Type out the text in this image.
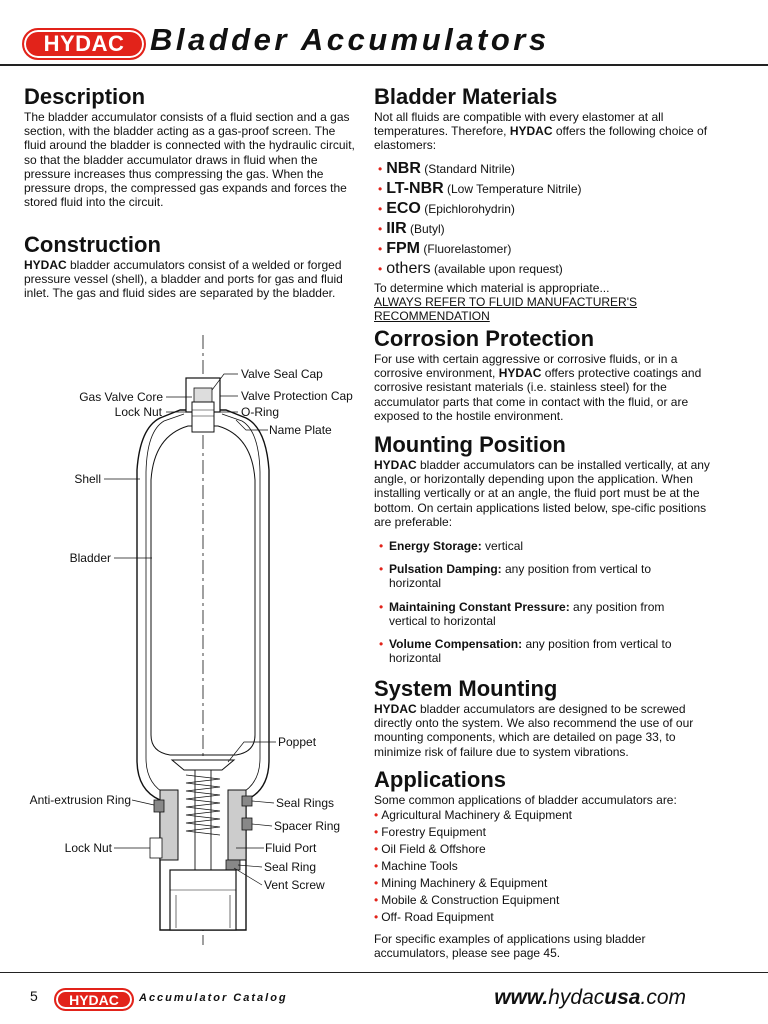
HYDAC Bladder Accumulators
Description

The bladder accumulator consists of a fluid section and a gas section, with the bladder acting as a gas-proof screen. The fluid around the bladder is connected with the hydraulic circuit, so that the bladder accumulator draws in fluid when the pressure increases thus compressing the gas. When the pressure drops, the compressed gas expands and forces the stored fluid into the circuit.

Construction

HYDAC bladder accumulators consist of a welded or forged pressure vessel (shell), a bladder and ports for gas and fluid inlet. The gas and fluid sides are separated by the bladder.

Valve Seal Cap
Gas Valve Core	Valve Protection Cap
Lock Nut	O-Ring
Name Plate
Shell
Bladder
Poppet
Anti-extrusion Ring	Seal Rings
Spacer Ring
Lock Nut	Fluid Port
Seal Ring
Vent Screw
Bladder Materials

Not all fluids are compatible with every elastomer at all temperatures. Therefore, HYDAC offers the following choice of elastomers:

• NBR (Standard Nitrile)
• LT-NBR (Low Temperature Nitrile)
• ECO (Epichlorohydrin)
• IIR (Butyl)
• FPM (Fluorelastomer)
• others (available upon request)

To determine which material is appropriate...

ALWAYS REFER TO FLUID MANUFACTURER'S RECOMMENDATION

Corrosion Protection

For use with certain aggressive or corrosive fluids, or in a corrosive environment, HYDAC offers protective coatings and corrosive resistant materials (i.e. stainless steel) for the accumulator parts that come in contact with the fluid, or are exposed to the hostile environment.

Mounting Position

HYDAC bladder accumulators can be installed vertically, at any angle, or horizontally depending upon the application. When installing vertically or at an angle, the fluid port must be at the bottom. On certain applications listed below, spe-cific positions are preferable:

• Energy Storage: vertical
• Pulsation Damping: any position from vertical to horizontal
• Maintaining Constant Pressure: any position from vertical to horizontal
• Volume Compensation: any position from vertical to horizontal
System Mounting

HYDAC bladder accumulators are designed to be screwed directly onto the system. We also recommend the use of our mounting components, which are detailed on page 33, to minimize risk of failure due to system vibrations.

Applications

Some common applications of bladder accumulators are:

• Agricultural Machinery & Equipment
• Forestry Equipment
• Oil Field & Offshore
• Machine Tools
• Mining Machinery & Equipment
• Mobile & Construction Equipment
• Off- Road Equipment

For specific examples of applications using bladder accumulators, please see page 45.

5	HYDAC	Accumulator Catalog	www.hydacusa.com
